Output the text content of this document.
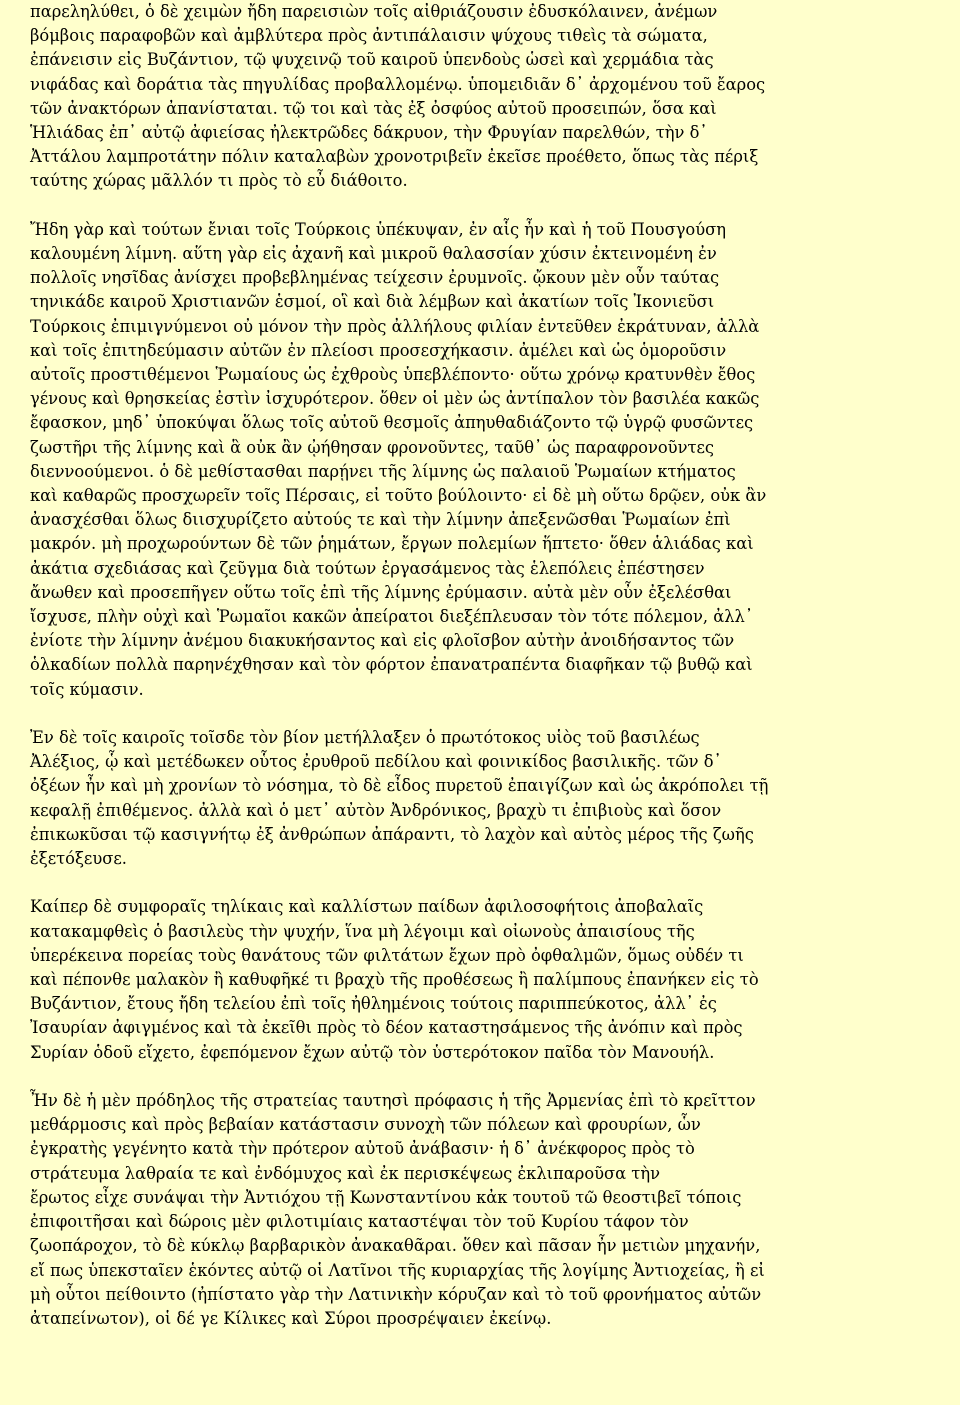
παρεληλύθει, ὁ δὲ χειμὼν ἤδη παρεισιὼν τοῖς αἰθριάζουσιν ἐδυσκόλαινεν, ἀνέμων
βόμβοις παραφοβῶν καὶ ἀμβλύτερα πρὸς ἀντιπάλαισιν ψύχους τιθεὶς τὰ σώματα,
ἐπάνεισιν εἰς Βυζάντιον, τῷ ψυχεινῷ τοῦ καιροῦ ὑπενδοὺς ὡσεὶ καὶ χερμάδια τὰς
νιφάδας καὶ δοράτια τὰς πηγυλίδας προβαλλομένῳ. ὑπομειδιᾶν δ᾽ ἀρχομένου τοῦ ἔαρος
τῶν ἀνακτόρων ἀπανίσταται. τῷ τοι καὶ τὰς ἐξ ὀσφύος αὐτοῦ προσειπών, ὅσα καὶ
Ἡλιάδας ἐπ᾽ αὐτῷ ἀφιείσας ἠλεκτρῶδες δάκρυον, τὴν Φρυγίαν παρελθών, τὴν δ᾽
Ἀττάλου λαμπροτάτην πόλιν καταλαβὼν χρονοτριβεῖν ἐκεῖσε προέθετο, ὅπως τὰς πέριξ
ταύτης χώρας μᾶλλόν τι πρὸς τὸ εὖ διάθοιτο.
Ἤδη γὰρ καὶ τούτων ἔνιαι τοῖς Τούρκοις ὑπέκυψαν, ἐν αἷς ἦν καὶ ἡ τοῦ Πουσγούση
καλουμένη λίμνη. αὕτη γὰρ εἰς ἀχανῆ καὶ μικροῦ θαλασσίαν χύσιν ἐκτεινομένη ἐν
πολλοῖς νησῖδας ἀνίσχει προβεβλημένας τείχεσιν ἐρυμνοῖς. ᾤκουν μὲν οὖν ταύτας
τηνικάδε καιροῦ Χριστιανῶν ἑσμοί, οἳ καὶ διὰ λέμβων καὶ ἀκατίων τοῖς Ἰκονιεῦσι
Τούρκοις ἐπιμιγνύμενοι οὐ μόνον τὴν πρὸς ἀλλήλους φιλίαν ἐντεῦθεν ἐκράτυναν, ἀλλὰ
καὶ τοῖς ἐπιτηδεύμασιν αὐτῶν ἐν πλείοσι προσεσχήκασιν. ἀμέλει καὶ ὡς ὁμοροῦσιν
αὐτοῖς προστιθέμενοι Ῥωμαίους ὡς ἐχθροὺς ὑπεβλέποντο· οὕτω χρόνῳ κρατυνθὲν ἔθος
γένους καὶ θρησκείας ἐστὶν ἰσχυρότερον. ὅθεν οἱ μὲν ὡς ἀντίπαλον τὸν βασιλέα κακῶς
ἔφασκον, μηδ᾽ ὑποκύψαι ὅλως τοῖς αὐτοῦ θεσμοῖς ἀπηυθαδιάζοντο τῷ ὑγρῷ φυσῶντες
ζωστῆρι τῆς λίμνης καὶ ἃ οὐκ ἂν ᾠήθησαν φρονοῦντες, ταῦθ᾽ ὡς παραφρονοῦντες
διεννοούμενοι. ὁ δὲ μεθίστασθαι παρῄνει τῆς λίμνης ὡς παλαιοῦ Ῥωμαίων κτήματος
καὶ καθαρῶς προσχωρεῖν τοῖς Πέρσαις, εἰ τοῦτο βούλοιντο· εἰ δὲ μὴ οὕτω δρῷεν, οὐκ ἂν
ἀνασχέσθαι ὅλως διισχυρίζετο αὐτούς τε καὶ τὴν λίμνην ἀπεξενῶσθαι Ῥωμαίων ἐπὶ
μακρόν. μὴ προχωρούντων δὲ τῶν ῥημάτων, ἔργων πολεμίων ἥπτετο· ὅθεν ἁλιάδας καὶ
ἀκάτια σχεδιάσας καὶ ζεῦγμα διὰ τούτων ἐργασάμενος τὰς ἑλεπόλεις ἐπέστησεν
ἄνωθεν καὶ προσεπῆγεν οὕτω τοῖς ἐπὶ τῆς λίμνης ἐρύμασιν. αὐτὰ μὲν οὖν ἐξελέσθαι
ἴσχυσε, πλὴν οὐχὶ καὶ Ῥωμαῖοι κακῶν ἀπείρατοι διεξέπλευσαν τὸν τότε πόλεμον, ἀλλ᾽
ἐνίοτε τὴν λίμνην ἀνέμου διακυκήσαντος καὶ εἰς φλοῖσβον αὐτὴν ἀνοιδήσαντος τῶν
ὁλκαδίων πολλὰ παρηνέχθησαν καὶ τὸν φόρτον ἐπανατραπέντα διαφῆκαν τῷ βυθῷ καὶ
τοῖς κύμασιν.
Ἐν δὲ τοῖς καιροῖς τοῖσδε τὸν βίον μετήλλαξεν ὁ πρωτότοκος υἱὸς τοῦ βασιλέως
Ἀλέξιος, ᾧ καὶ μετέδωκεν οὗτος ἐρυθροῦ πεδίλου καὶ φοινικίδος βασιλικῆς. τῶν δ᾽
ὀξέων ἦν καὶ μὴ χρονίων τὸ νόσημα, τὸ δὲ εἶδος πυρετοῦ ἐπαιγίζων καὶ ὡς ἀκρόπολει τῇ
κεφαλῇ ἐπιθέμενος. ἀλλὰ καὶ ὁ μετ᾽ αὐτὸν Ἀνδρόνικος, βραχὺ τι ἐπιβιοὺς καὶ ὅσον
ἐπικωκῦσαι τῷ κασιγνήτῳ ἐξ ἀνθρώπων ἀπάραντι, τὸ λαχὸν καὶ αὐτὸς μέρος τῆς ζωῆς
ἐξετόξευσε.
Καίπερ δὲ συμφοραῖς τηλίκαις καὶ καλλίστων παίδων ἀφιλοσοφήτοις ἀποβαλαῖς
κατακαμφθεὶς ὁ βασιλεὺς τὴν ψυχήν, ἵνα μὴ λέγοιμι καὶ οἰωνοὺς ἀπαισίους τῆς
ὑπερέκεινα πορείας τοὺς θανάτους τῶν φιλτάτων ἔχων πρὸ ὀφθαλμῶν, ὅμως οὐδέν τι
καὶ πέπονθε μαλακὸν ἢ καθυφῆκέ τι βραχὺ τῆς προθέσεως ἢ παλίμπους ἐπανήκεν εἰς τὸ
Βυζάντιον, ἔτους ἤδη τελείου ἐπὶ τοῖς ἠθλημένοις τούτοις παριππεύκοτος, ἀλλ᾽ ἐς
Ἰσαυρίαν ἀφιγμένος καὶ τὰ ἐκεῖθι πρὸς τὸ δέον καταστησάμενος τῆς ἀνόπιν καὶ πρὸς
Συρίαν ὁδοῦ εἴχετο, ἐφεπόμενον ἔχων αὐτῷ τὸν ὑστερότοκον παῖδα τὸν Μανουήλ.
Ἦν δὲ ἡ μὲν πρόδηλος τῆς στρατείας ταυτησὶ πρόφασις ἡ τῆς Ἀρμενίας ἐπὶ τὸ κρεῖττον
μεθάρμοσις καὶ πρὸς βεβαίαν κατάστασιν συνοχὴ τῶν πόλεων καὶ φρουρίων, ὧν
ἐγκρατὴς γεγένητο κατὰ τὴν πρότερον αὐτοῦ ἀνάβασιν· ἡ δ᾽ ἀνέκφορος πρὸς τὸ
στράτευμα λαθραία τε καὶ ἐνδόμυχος καὶ ἐκ περισκέψεως ἐκλιπαροῦσα τὴν
ἔρωτος εἶχε συνάψαι τὴν Ἀντιόχου τῇ Κωνσταντίνου κἀκ τουτοῦ τῶ θεοστιβεῖ τόποις
ἐπιφοιτῆσαι καὶ δώροις μὲν φιλοτιμίαις καταστέψαι τὸν τοῦ Κυρίου τάφον τὸν
ζωοπάροχον, τὸ δὲ κύκλῳ βαρβαρικὸν ἀνακαθᾶραι. ὅθεν καὶ πᾶσαν ἦν μετιὼν μηχανήν,
εἴ πως ὑπεκσταῖεν ἑκόντες αὐτῷ οἱ Λατῖνοι τῆς κυριαρχίας τῆς λογίμης Ἀντιοχείας, ἢ εἰ
μὴ οὗτοι πείθοιντο (ἠπίστατο γὰρ τὴν Λατινικὴν κόρυζαν καὶ τὸ τοῦ φρονήματος αὐτῶν
ἀταπείνωτον), οἱ δέ γε Κίλικες καὶ Σύροι προσρέψαιεν ἐκείνῳ.
